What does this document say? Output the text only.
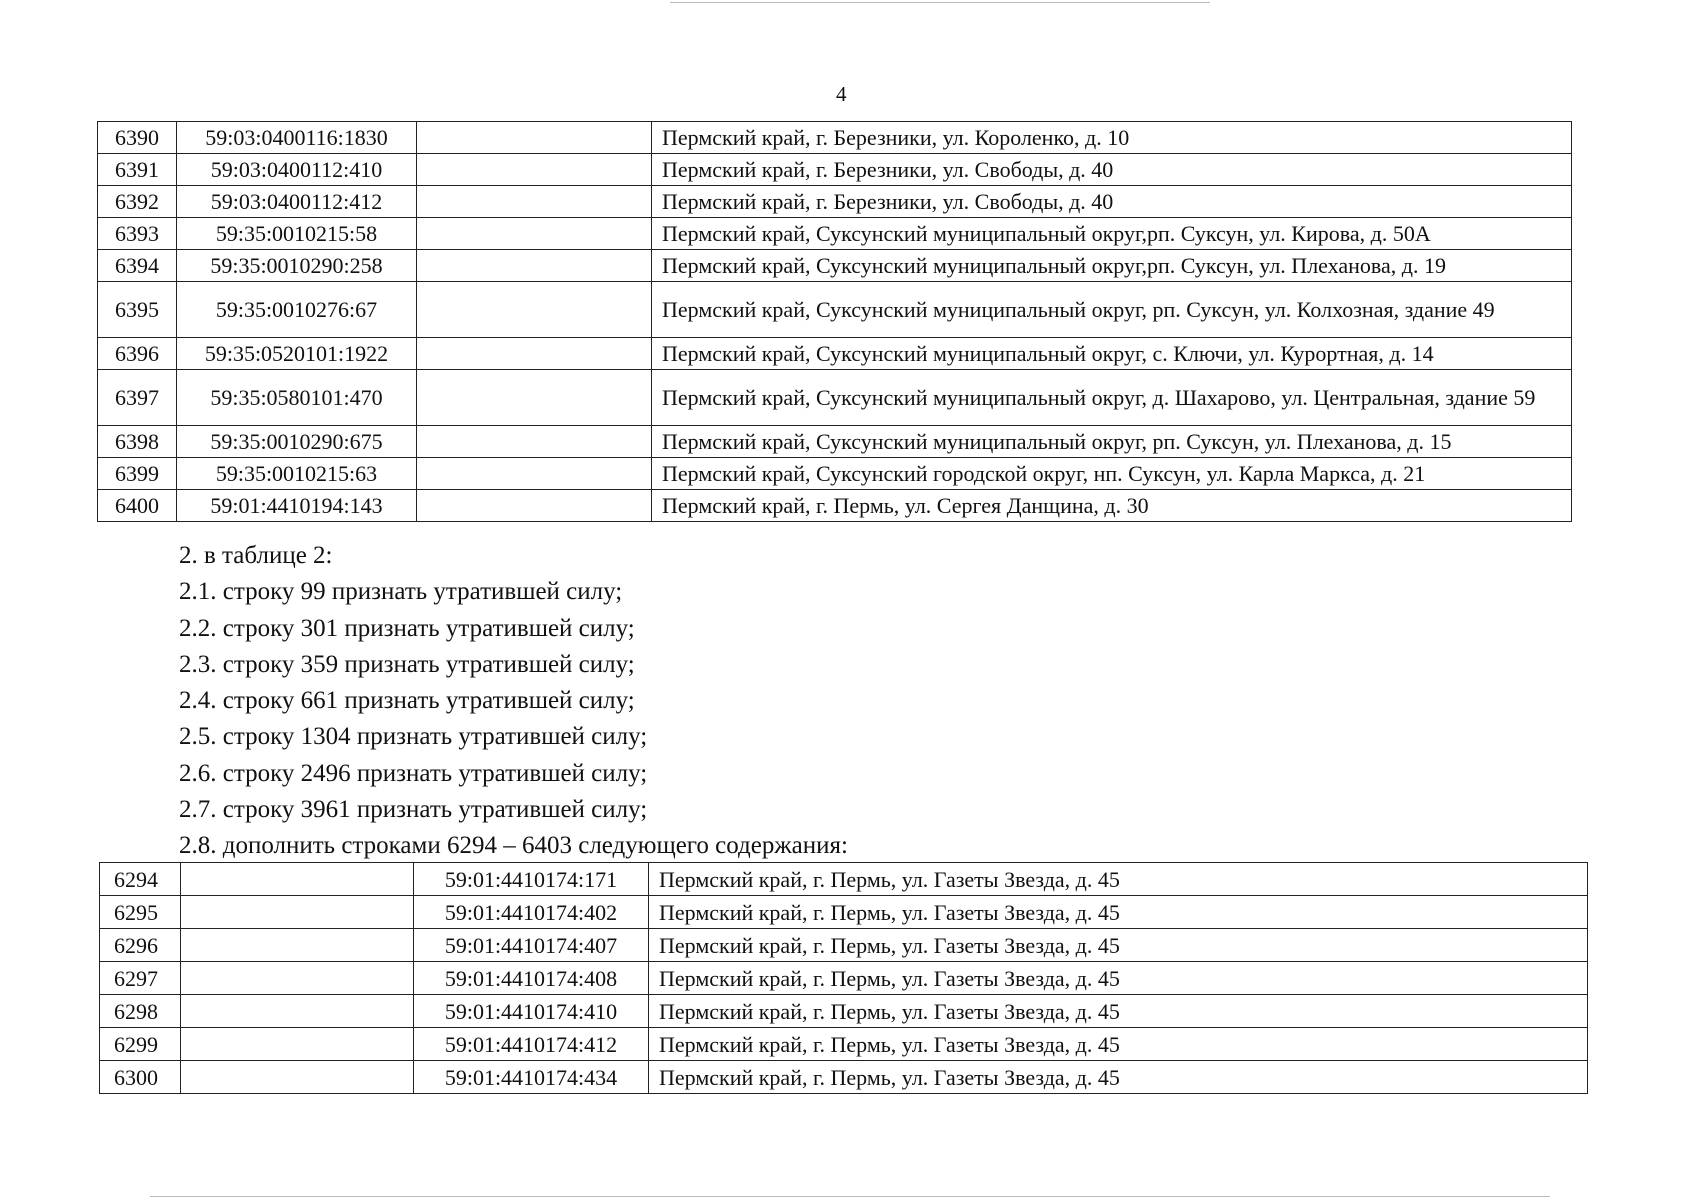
4
6390	59:03:0400116:1830		Пермский край, г. Березники, ул. Короленко, д. 10
6391	59:03:0400112:410		Пермский край, г. Березники, ул. Свободы, д. 40
6392	59:03:0400112:412		Пермский край, г. Березники, ул. Свободы, д. 40
6393	59:35:0010215:58		Пермский край, Суксунский муниципальный округ,рп. Суксун, ул. Кирова, д. 50А
6394	59:35:0010290:258		Пермский край, Суксунский муниципальный округ,рп. Суксун, ул. Плеханова, д. 19
6395	59:35:0010276:67		Пермский край, Суксунский муниципальный округ, рп. Суксун, ул. Колхозная, здание 49
6396	59:35:0520101:1922		Пермский край, Суксунский муниципальный округ, с. Ключи, ул. Курортная, д. 14
6397	59:35:0580101:470		Пермский край, Суксунский муниципальный округ, д. Шахарово, ул. Центральная, здание 59
6398	59:35:0010290:675		Пермский край, Суксунский муниципальный округ, рп. Суксун, ул. Плеханова, д. 15
6399	59:35:0010215:63		Пермский край, Суксунский городской округ, нп. Суксун, ул. Карла Маркса, д. 21
6400	59:01:4410194:143		Пермский край, г. Пермь, ул. Сергея Данщина, д. 30
2. в таблице 2:
2.1. строку 99 признать утратившей силу;
2.2. строку 301 признать утратившей силу;
2.3. строку 359 признать утратившей силу;
2.4. строку 661 признать утратившей силу;
2.5. строку 1304 признать утратившей силу;
2.6. строку 2496 признать утратившей силу;
2.7. строку 3961 признать утратившей силу;
2.8. дополнить строками 6294 – 6403 следующего содержания:
6294		59:01:4410174:171	Пермский край, г. Пермь, ул. Газеты Звезда, д. 45
6295		59:01:4410174:402	Пермский край, г. Пермь, ул. Газеты Звезда, д. 45
6296		59:01:4410174:407	Пермский край, г. Пермь, ул. Газеты Звезда, д. 45
6297		59:01:4410174:408	Пермский край, г. Пермь, ул. Газеты Звезда, д. 45
6298		59:01:4410174:410	Пермский край, г. Пермь, ул. Газеты Звезда, д. 45
6299		59:01:4410174:412	Пермский край, г. Пермь, ул. Газеты Звезда, д. 45
6300		59:01:4410174:434	Пермский край, г. Пермь, ул. Газеты Звезда, д. 45
